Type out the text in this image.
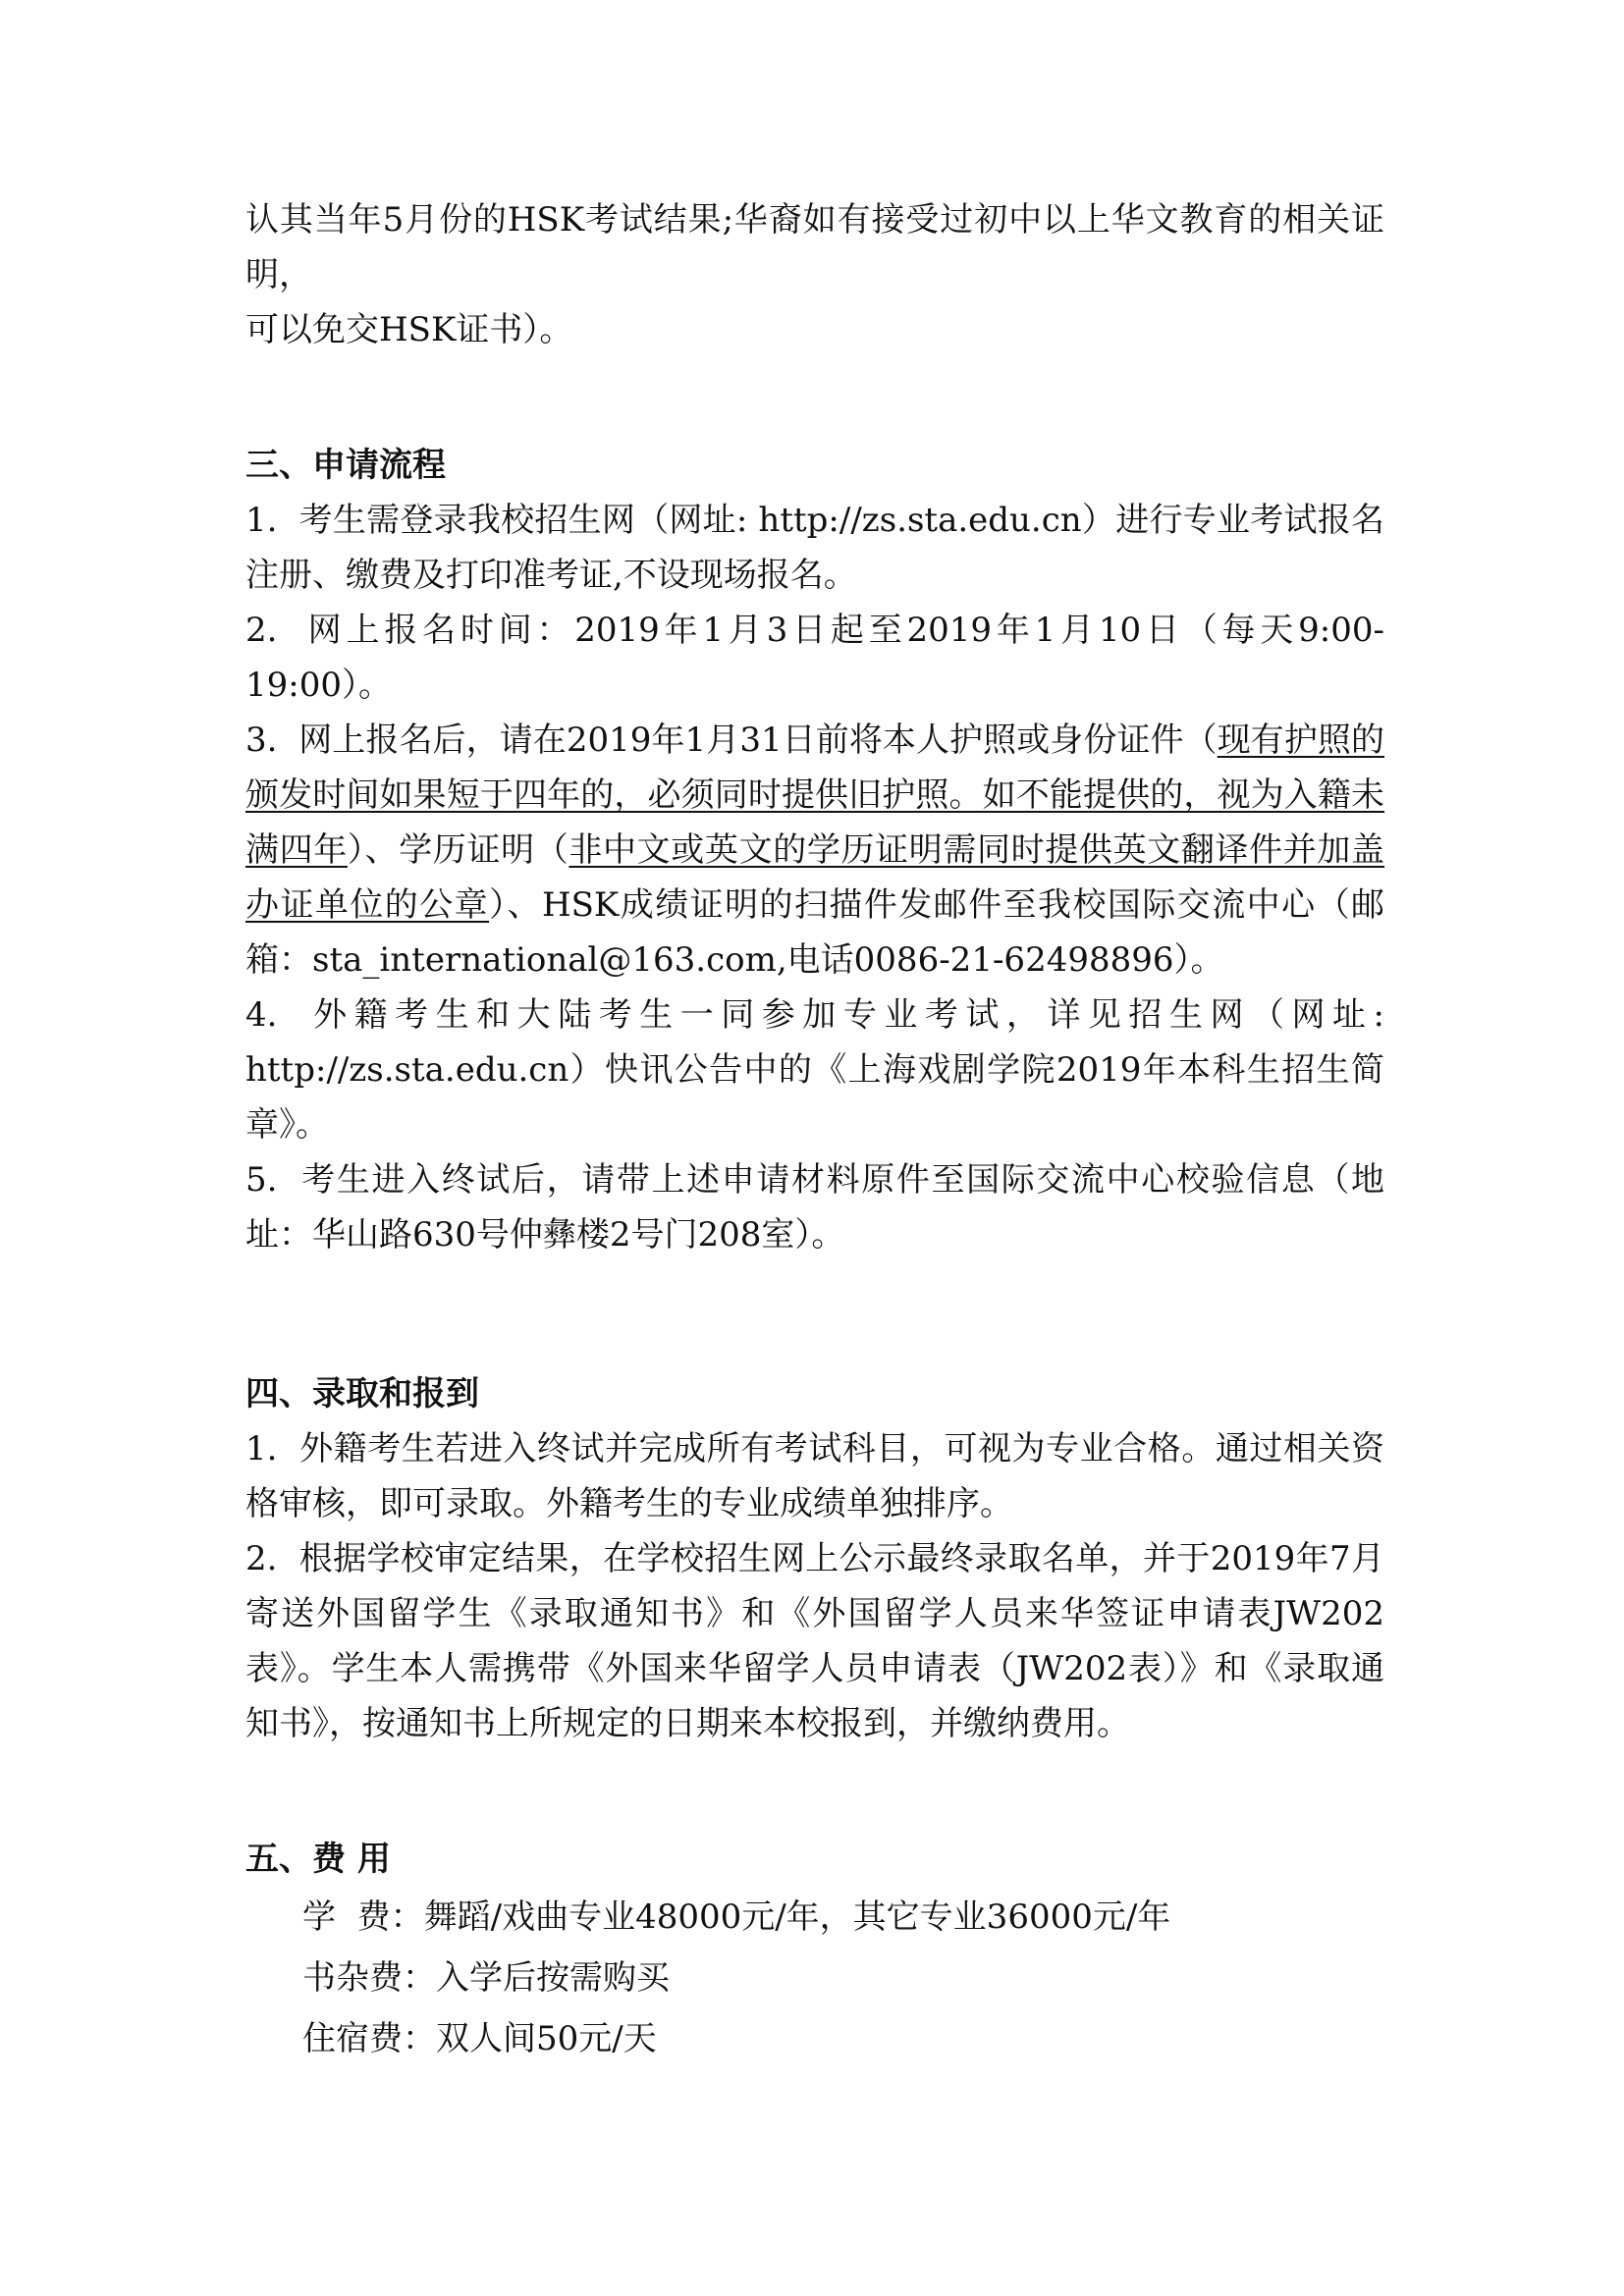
认其当年5月份的HSK考试结果;华裔如有接受过初中以上华文教育的相关证明，

可以免交HSK证书）。

三、申请流程

1.  考生需登录我校招生网（网址: http://zs.sta.edu.cn）进行专业考试报名注册、缴费及打印准考证,不设现场报名。

2.  网上报名时间：2019年1月3日起至2019年1月10日（每天9:00-19:00）。

3.  网上报名后，请在2019年1月31日前将本人护照或身份证件（现有护照的颁发时间如果短于四年的，必须同时提供旧护照。如不能提供的，视为入籍未满四年）、学历证明（非中文或英文的学历证明需同时提供英文翻译件并加盖办证单位的公章）、HSK成绩证明的扫描件发邮件至我校国际交流中心（邮箱：sta_international@163.com,电话0086-21-62498896）。

4.  外籍考生和大陆考生一同参加专业考试，详见招生网（网址: http://zs.sta.edu.cn）快讯公告中的《上海戏剧学院2019年本科生招生简章》。

5.  考生进入终试后，请带上述申请材料原件至国际交流中心校验信息（地址：华山路630号仲彝楼2号门208室）。

四、录取和报到

1.  外籍考生若进入终试并完成所有考试科目，可视为专业合格。通过相关资格审核，即可录取。外籍考生的专业成绩单独排序。

2.  根据学校审定结果，在学校招生网上公示最终录取名单，并于2019年7月寄送外国留学生《录取通知书》和《外国留学人员来华签证申请表JW202表》。学生本人需携带《外国来华留学人员申请表（JW202表）》和《录取通知书》，按通知书上所规定的日期来本校报到，并缴纳费用。

五、费 用
学  费：舞蹈/戏曲专业48000元/年，其它专业36000元/年
书杂费：入学后按需购买
住宿费：双人间50元/天
